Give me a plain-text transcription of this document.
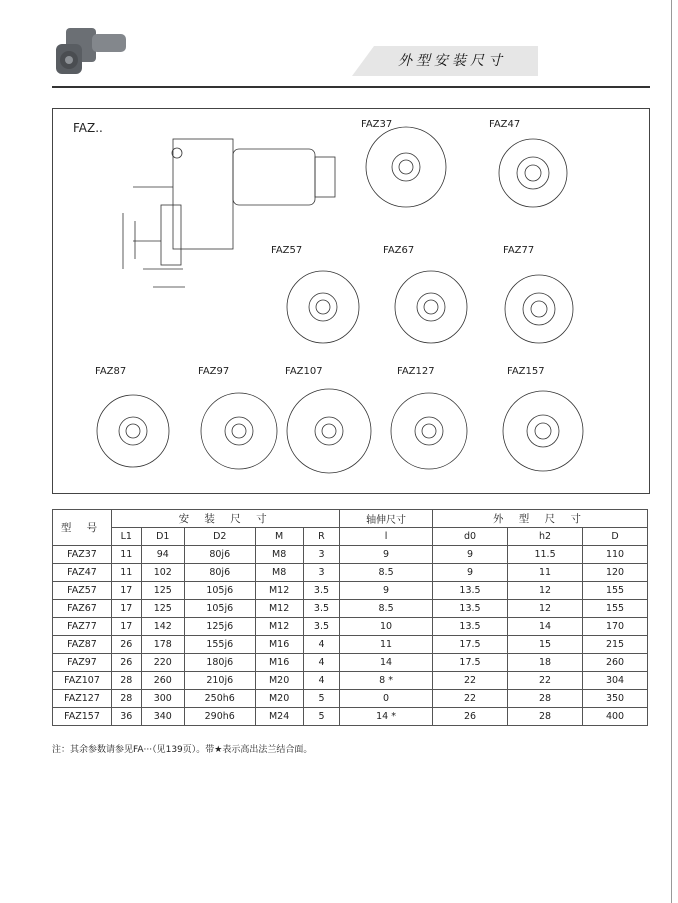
外型安装尺寸
FAZ..	FAZ37	FAZ47
FAZ57	FAZ67	FAZ77
FAZ87	FAZ97	FAZ107	FAZ127	FAZ157
型 号	安 装 尺 寸					轴伸尺寸	外 型 尺 寸		
	L1	D1	D2	M	R	l	d0	h2	D
FAZ37	11	94	80j6	M8	3	9	9	11.5	110
FAZ47	11	102	80j6	M8	3	8.5	9	11	120
FAZ57	17	125	105j6	M12	3.5	9	13.5	12	155
FAZ67	17	125	105j6	M12	3.5	8.5	13.5	12	155
FAZ77	17	142	125j6	M12	3.5	10	13.5	14	170
FAZ87	26	178	155j6	M16	4	11	17.5	15	215
FAZ97	26	220	180j6	M16	4	14	17.5	18	260
FAZ107	28	260	210j6	M20	4	8 *	22	22	304
FAZ127	28	300	250h6	M20	5	0	22	28	350
FAZ157	36	340	290h6	M24	5	14 *	26	28	400
注：其余参数请参见FA···（见139页）。带★表示高出法兰结合面。
